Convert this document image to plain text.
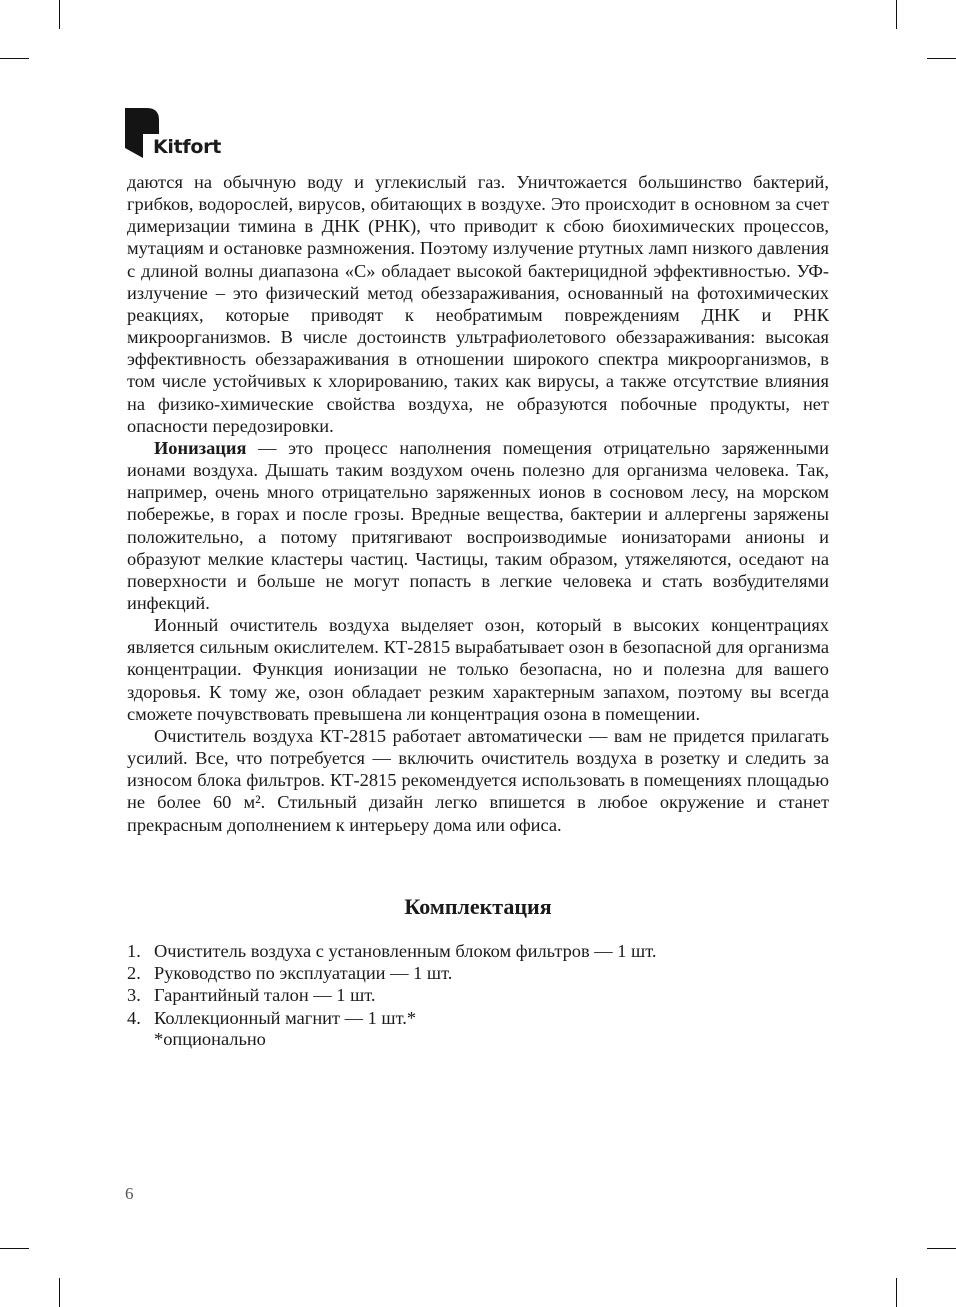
Kitfort

даются на обычную воду и углекислый газ. Уничтожается большинство бактерий, грибков, водорослей, вирусов, обитающих в воздухе. Это происходит в основном за счет димеризации тимина в ДНК (РНК), что приводит к сбою биохимических процессов, мутациям и остановке размножения. Поэтому излучение ртутных ламп низкого давления с длиной волны диапазона «С» обладает высокой бактерицидной эффективностью. УФ-излучение – это физический метод обеззараживания, основанный на фотохимических реакциях, которые приводят к необратимым повреждениям ДНК и РНК микроорганизмов. В числе достоинств ультрафиолетового обеззараживания: высокая эффективность обеззараживания в отношении широкого спектра микроорганизмов, в том числе устойчивых к хлорированию, таких как вирусы, а также отсутствие влияния на физико-химические свойства воздуха, не образуются побочные продукты, нет опасности передозировки.

Ионизация — это процесс наполнения помещения отрицательно заряженными ионами воздуха. Дышать таким воздухом очень полезно для организма человека. Так, например, очень много отрицательно заряженных ионов в сосновом лесу, на морском побережье, в горах и после грозы. Вредные вещества, бактерии и аллергены заряжены положительно, а потому притягивают воспроизводимые ионизаторами анионы и образуют мелкие кластеры частиц. Частицы, таким образом, утяжеляются, оседают на поверхности и больше не могут попасть в легкие человека и стать возбудителями инфекций.

Ионный очиститель воздуха выделяет озон, который в высоких концентрациях является сильным окислителем. КТ-2815 вырабатывает озон в безопасной для организма концентрации. Функция ионизации не только безопасна, но и полезна для вашего здоровья. К тому же, озон обладает резким характерным запахом, поэтому вы всегда сможете почувствовать превышена ли концентрация озона в помещении.

Очиститель воздуха КТ-2815 работает автоматически — вам не придется прилагать усилий. Все, что потребуется — включить очиститель воздуха в розетку и следить за износом блока фильтров. КТ-2815 рекомендуется использовать в помещениях площадью не более 60 м². Стильный дизайн легко впишется в любое окружение и станет прекрасным дополнением к интерьеру дома или офиса.

Комплектация
1. Очиститель воздуха с установленным блоком фильтров — 1 шт.
2. Руководство по эксплуатации — 1 шт.
3. Гарантийный талон — 1 шт.
4. Коллекционный магнит — 1 шт.*
*опционально
6
